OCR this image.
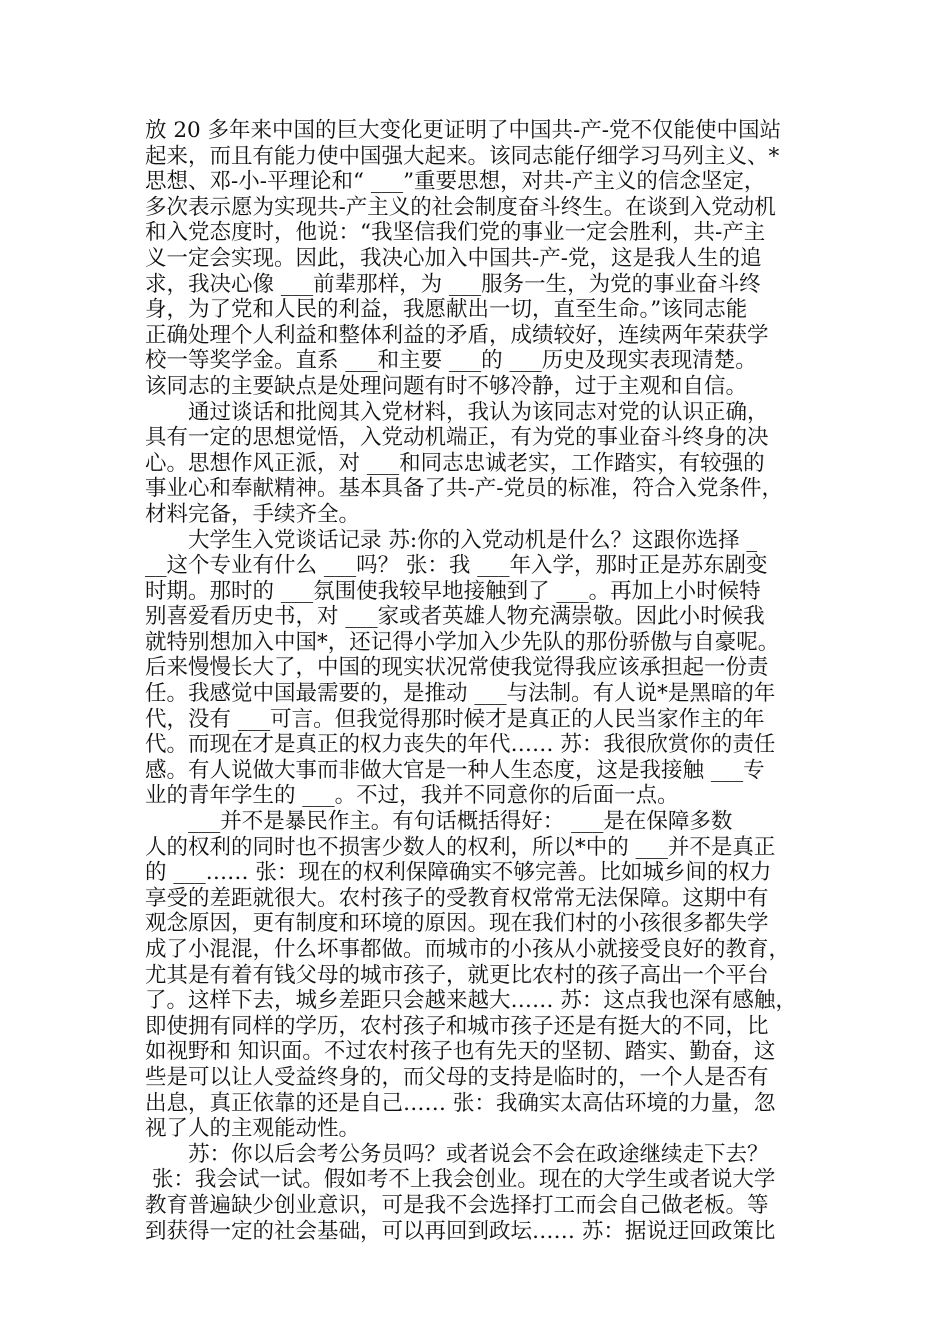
放 20 多年来中国的巨大变化更证明了中国共-产-党不仅能使中国站
起来，而且有能力使中国强大起来。该同志能仔细学习马列主义、*
思想、邓-小-平理论和“ ___”重要思想，对共-产主义的信念坚定，
多次表示愿为实现共-产主义的社会制度奋斗终生。在谈到入党动机
和入党态度时，他说：“我坚信我们党的事业一定会胜利，共-产主
义一定会实现。因此，我决心加入中国共-产-党，这是我人生的追
求，我决心像 ___前辈那样，为 ___服务一生，为党的事业奋斗终
身，为了党和人民的利益，我愿献出一切，直至生命。”该同志能
正确处理个人利益和整体利益的矛盾，成绩较好，连续两年荣获学
校一等奖学金。直系 ___和主要 ___的 ___历史及现实表现清楚。
该同志的主要缺点是处理问题有时不够冷静，过于主观和自信。
　　通过谈话和批阅其入党材料，我认为该同志对党的认识正确，
具有一定的思想觉悟，入党动机端正，有为党的事业奋斗终身的决
心。思想作风正派，对 ___和同志忠诚老实，工作踏实，有较强的
事业心和奉献精神。基本具备了共-产-党员的标准，符合入党条件，
材料完备，手续齐全。
　　大学生入党谈话记录 苏:你的入党动机是什么？这跟你选择 _
__这个专业有什么 ___吗？ 张：我 ___年入学，那时正是苏东剧变
时期。那时的 ___氛围使我较早地接触到了 ___。再加上小时候特
别喜爱看历史书，对 ___家或者英雄人物充满崇敬。因此小时候我
就特别想加入中国*，还记得小学加入少先队的那份骄傲与自豪呢。
后来慢慢长大了，中国的现实状况常使我觉得我应该承担起一份责
任。我感觉中国最需要的，是推动 ___与法制。有人说*是黑暗的年
代，没有 ___可言。但我觉得那时候才是真正的人民当家作主的年
代。而现在才是真正的权力丧失的年代…… 苏：我很欣赏你的责任
感。有人说做大事而非做大官是一种人生态度，这是我接触 ___专
业的青年学生的 ___。不过，我并不同意你的后面一点。
　　___并不是暴民作主。有句话概括得好： ___是在保障多数
人的权利的同时也不损害少数人的权利，所以*中的 ___并不是真正
的 ___…… 张：现在的权利保障确实不够完善。比如城乡间的权力
享受的差距就很大。农村孩子的受教育权常常无法保障。这期中有
观念原因，更有制度和环境的原因。现在我们村的小孩很多都失学
成了小混混，什么坏事都做。而城市的小孩从小就接受良好的教育，
尤其是有着有钱父母的城市孩子，就更比农村的孩子高出一个平台
了。这样下去，城乡差距只会越来越大…… 苏：这点我也深有感触，
即使拥有同样的学历，农村孩子和城市孩子还是有挺大的不同，比
如视野和 知识面。不过农村孩子也有先天的坚韧、踏实、勤奋，这
些是可以让人受益终身的，而父母的支持是临时的，一个人是否有
出息，真正依靠的还是自己…… 张：我确实太高估环境的力量，忽
视了人的主观能动性。
　　苏：你以后会考公务员吗？或者说会不会在政途继续走下去？
张：我会试一试。假如考不上我会创业。现在的大学生或者说大学
教育普遍缺少创业意识，可是我不会选择打工而会自己做老板。等
到获得一定的社会基础，可以再回到政坛…… 苏：据说迂回政策比
